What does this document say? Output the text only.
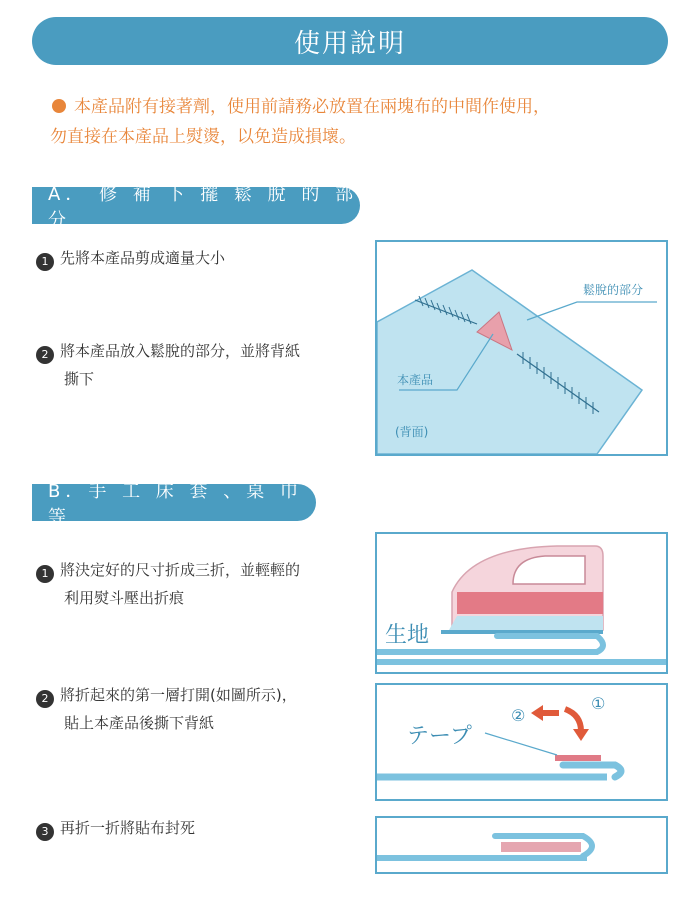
使用說明
本產品附有接著劑，使用前請務必放置在兩塊布的中間作使用，
勿直接在本產品上熨燙，以免造成損壞。
A． 修 補 下 擺 鬆 脫 的 部 分
1 先將本產品剪成適量大小
2 將本產品放入鬆脫的部分，並將背紙
撕下
鬆脫的部分
本產品
(背面)
B．手 工 床 套 、桌 巾 等
1 將決定好的尺寸折成三折，並輕輕的
利用熨斗壓出折痕
2 將折起來的第一層打開(如圖所示)，
貼上本產品後撕下背紙
3 再折一折將貼布封死
生地
テープ
①
②
